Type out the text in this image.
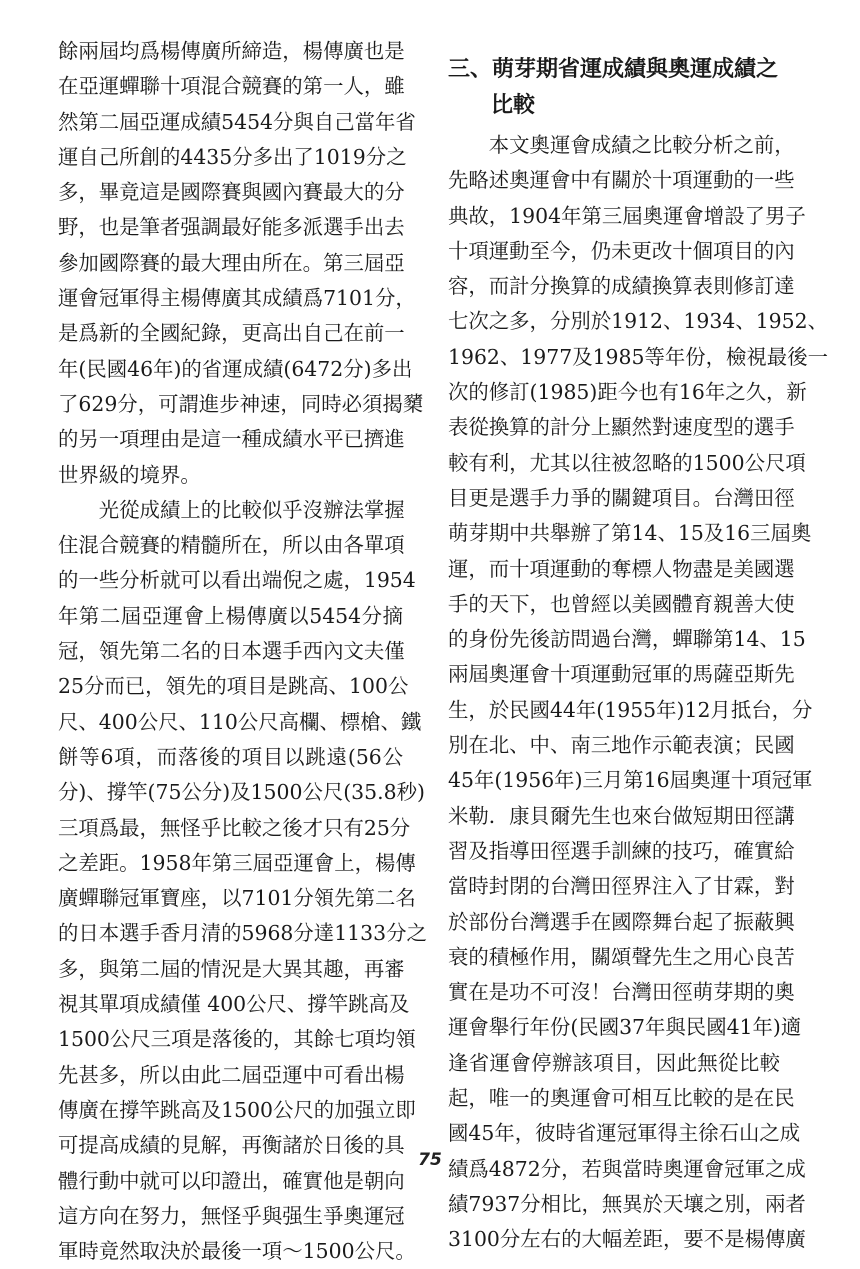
餘兩屆均爲楊傳廣所締造，楊傳廣也是
在亞運蟬聯十項混合競賽的第一人，雖
然第二屆亞運成績5454分與自己當年省
運自己所創的4435分多出了1019分之
多，畢竟這是國際賽與國內賽最大的分
野，也是筆者强調最好能多派選手出去
參加國際賽的最大理由所在。第三屆亞
運會冠軍得主楊傳廣其成績爲7101分，
是爲新的全國紀錄，更高出自己在前一
年(民國46年)的省運成績(6472分)多出
了629分，可謂進步神速，同時必須揭櫫
的另一項理由是這一種成績水平已擠進
世界級的境界。
　　光從成績上的比較似乎沒辦法掌握
住混合競賽的精髓所在，所以由各單項
的一些分析就可以看出端倪之處，1954
年第二屆亞運會上楊傳廣以5454分摘
冠，領先第二名的日本選手西內文夫僅
25分而已，領先的項目是跳高、100公
尺、400公尺、110公尺高欄、標槍、鐵
餅等6項，而落後的項目以跳遠(56公
分)、撐竿(75公分)及1500公尺(35.8秒)
三項爲最，無怪乎比較之後才只有25分
之差距。1958年第三屆亞運會上，楊傳
廣蟬聯冠軍寶座，以7101分領先第二名
的日本選手香月清的5968分達1133分之
多，與第二屆的情況是大異其趣，再審
視其單項成績僅 400公尺、撐竿跳高及
1500公尺三項是落後的，其餘七項均領
先甚多，所以由此二屆亞運中可看出楊
傳廣在撐竿跳高及1500公尺的加强立即
可提高成績的見解，再衡諸於日後的具
體行動中就可以印證出，確實他是朝向
這方向在努力，無怪乎與强生爭奧運冠
軍時竟然取決於最後一項～1500公尺。
三、萌芽期省運成績與奧運成績之
比較
　　本文奧運會成績之比較分析之前，
先略述奧運會中有關於十項運動的一些
典故，1904年第三屆奧運會增設了男子
十項運動至今，仍未更改十個項目的內
容，而計分換算的成績換算表則修訂達
七次之多，分別於1912、1934、1952、
1962、1977及1985等年份，檢視最後一
次的修訂(1985)距今也有16年之久，新
表從換算的計分上顯然對速度型的選手
較有利，尤其以往被忽略的1500公尺項
目更是選手力爭的關鍵項目。台灣田徑
萌芽期中共舉辦了第14、15及16三屆奧
運，而十項運動的奪標人物盡是美國選
手的天下，也曾經以美國體育親善大使
的身份先後訪問過台灣，蟬聯第14、15
兩屆奧運會十項運動冠軍的馬薩亞斯先
生，於民國44年(1955年)12月抵台，分
別在北、中、南三地作示範表演；民國
45年(1956年)三月第16屆奧運十項冠軍
米勒．康貝爾先生也來台做短期田徑講
習及指導田徑選手訓練的技巧，確實給
當時封閉的台灣田徑界注入了甘霖，對
於部份台灣選手在國際舞台起了振蔽興
衰的積極作用，關頌聲先生之用心良苦
實在是功不可沒！台灣田徑萌芽期的奧
運會舉行年份(民國37年與民國41年)適
逢省運會停辦該項目，因此無從比較
起，唯一的奧運會可相互比較的是在民
國45年，彼時省運冠軍得主徐石山之成
績爲4872分，若與當時奧運會冠軍之成
績7937分相比，無異於天壤之別，兩者
3100分左右的大幅差距，要不是楊傳廣
75
